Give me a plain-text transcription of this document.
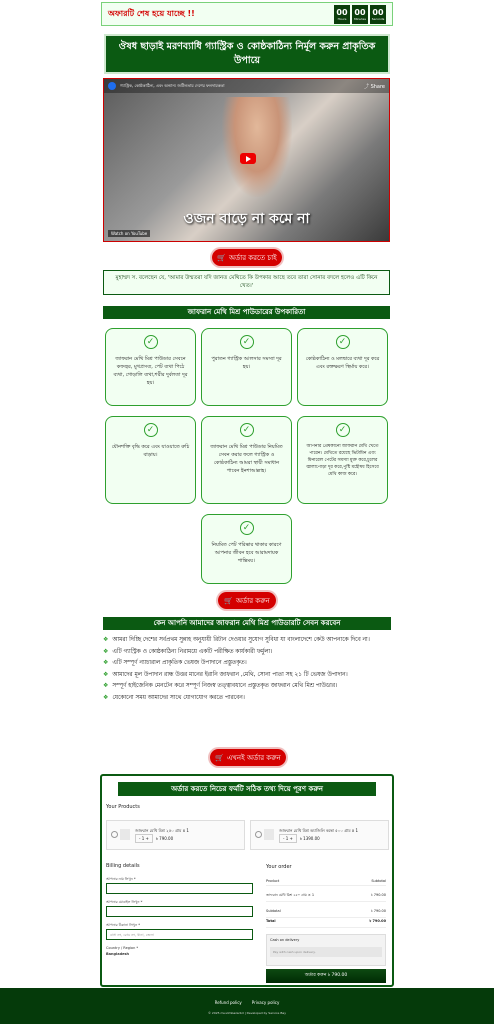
অফারটি শেষ হয়ে যাচ্ছে !!	00
Hours
00
Minutes
00
Seconds
ঔষধ ছাড়াই মরণব্যাধি গ্যাস্ট্রিক ও কোষ্ঠকাঠিন্য নির্মূল করুন প্রাকৃতিক উপায়ে
গ্যাস্ট্রিক, কোষ্ঠকাঠিন্য, এবং অন্যান্য জটিলতায় দেশের ফলদায়কতা	⤴ Share
ওজন বাড়ে না কমে না
Watch on YouTube
🛒 অর্ডার করতে চাই
মুহাম্মদ স. বলেছেন যে, 'আমার উম্মতরা যদি জানত মেথিতে কি উপকার আছে তবে তারা সোনার বদলে হলেও এটি কিনে খেত।'
জাফরান মেথি মিশ্র পাউডারের উপকারিতা
✓
জাফরান মেথি মিশ্র পাউডার সেবনে কফজ্বর, মুখপ্রসব্য, পেট ব্যথা পিঠে ব্যথা, গোড়ালি ব্যথা,শরীর দুর্বলতা দূর হয়।
✓
পুরাতন গ্যাস্ট্রিক আলসার সমস্যা দূর হয়।
✓
কোষ্ঠকাঠিন্য ও মলদ্বারে ব্যথা দূর করে এবং রক্তক্ষরণ স্থির্মায় করে।
✓
যৌনশক্তি বৃদ্ধি করে এবং যাওয়াতে রুচি বাড়ায়।
✓
জাফরান মেথি মিশ্র পাউডার নিয়মিত সেবন করার ফলে গ্যাস্ট্রিক ও কোষ্ঠকাঠিন্য আমরা স্থায়ী সমাধান পাবেন ইনশাআল্লাহ।
✓
আপনার প্রেষকানো জাফরান মেথি খেতে পারেন। মেথিতে রয়েছে ভিটামিন এবং মিনারেল পেটের সমস্যা মুক্ত করে,চুলের জ্বালাপোড়া দূর করে,পুষ্টি মহৌষধ হিসেবে মেথি কাজ করে।
✓
নিয়মিত পেট পরিষ্কার থাকার কারণে আপনার জীবন হবে আরামদায়ক শান্তিময়।
🛒 অর্ডার করুন
কেন আপনি আমাদের জাফরান মেথি মিশ্র পাউডারটি সেবন করবেন
❖ আমরা দিচ্ছি দেশের সর্বপ্রথম সুন্নাহ অনুযায়ী রিটান দেওয়ার সুযোগ সুবিধা যা বাংলাদেশে কেউ আপনাকে দিবে না।
❖ এটি গ্যাস্ট্রিক ও কোষ্ঠকাঠিন্য নিরাময়ে একটি পরীক্ষিত কার্যকারী ফর্মুলা।
❖ এটি সম্পূর্ণ ন্যাচারাল প্রাকৃতিক ভেষজ উপাদানে প্রস্তুতকৃত।
❖ আমাদের মূল উপাদান রান্ধ উত্তর মানের ইরানি জাফরান ,মেথি, সোনা পাতা সহ ২১ টি ভেষজ উপাদান।
❖ সম্পূর্ণ হাইজেনিক মেনটেন করে সম্পূর্ণ নিজস্ব তত্ত্বাবধানে প্রস্তুতকৃত জাফরান মেথি মিশ্র পাউডার।
❖ যেকোনো সময় আমাদের সাথে যোগাযোগ করতে পারবেন।
🛒 এখনই অর্ডার করুন
অর্ডার করতে নিচের ফর্মটি সঠিক তথ্য দিয়ে পূরণ করুন
Your Products
জাফরান মেথি মিশ্র ২৫০ গ্রাম x 1
- 1 + ৳ 790.00
জাফরান মেথি মিশ্র অ্যাজিলি কম্বো ৫০০ গ্রাম x 1
- 1 + ৳ 1390.00
Billing details
আপনার নাম লিখুন *
আপনার মোবাইল লিখুন *
আপনার ঠিকানা লিখুন *
বাসা নং, রোড নং, থানা, জেলা
Country / Region *
Bangladesh
Your order
Product	Subtotal
জাফরান মেথি মিশ্র ২৫০ গ্রাম × 1	৳ 790.00
Subtotal	৳ 790.00
Total	৳ 790.00
Cash on delivery
Pay with cash upon delivery.
অর্ডার করুন ৳ 790.00
Refund policy	Privacy policy
© 2025 muslimbazarbd | Developed by Service Bay
